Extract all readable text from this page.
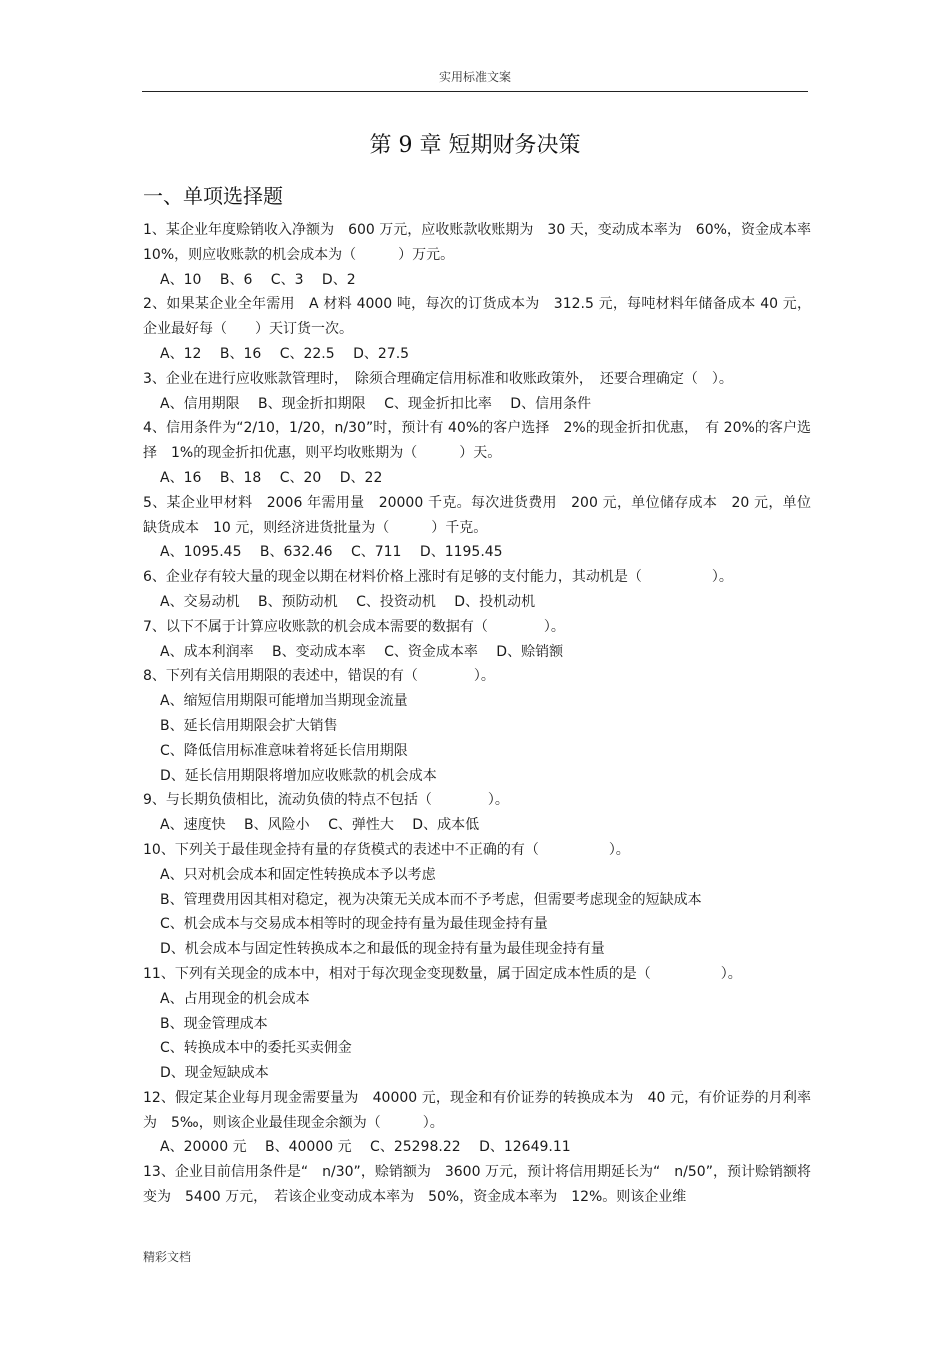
实用标准文案
第 9 章 短期财务决策
一、单项选择题
1、某企业年度赊销收入净额为　600 万元，应收账款收账期为　30 天，变动成本率为　60%，资金成本率　10%，则应收账款的机会成本为（　　　）万元。
A、10　 B、6　 C、3　 D、2
2、如果某企业全年需用　A 材料 4000 吨，每次的订货成本为　312.5 元，每吨材料年储备成本 40 元，企业最好每（　　）天订货一次。
A、12　 B、16　 C、22.5　 D、27.5
3、企业在进行应收账款管理时，　除须合理确定信用标准和收账政策外，　还要合理确定（　）。
A、信用期限　 B、现金折扣期限　 C、现金折扣比率　 D、信用条件
4、信用条件为“2/10，1/20，n/30”时，预计有 40%的客户选择　2%的现金折扣优惠，　有 20%的客户选择　1%的现金折扣优惠，则平均收账期为（　　　）天。
A、16　 B、18　 C、20　 D、22
5、某企业甲材料　2006 年需用量　20000 千克。每次进货费用　200 元，单位储存成本　20 元，单位缺货成本　10 元，则经济进货批量为（　　　）千克。
A、1095.45　 B、632.46　 C、711　 D、1195.45
6、企业存有较大量的现金以期在材料价格上涨时有足够的支付能力，其动机是（　　　　　）。
A、交易动机　 B、预防动机　 C、投资动机　 D、投机动机
7、以下不属于计算应收账款的机会成本需要的数据有（　　　　）。
A、成本利润率　 B、变动成本率　 C、资金成本率　 D、赊销额
8、下列有关信用期限的表述中，错误的有（　　　　）。
A、缩短信用期限可能增加当期现金流量
B、延长信用期限会扩大销售
C、降低信用标准意味着将延长信用期限
D、延长信用期限将增加应收账款的机会成本
9、与长期负债相比，流动负债的特点不包括（　　　　）。
A、速度快　 B、风险小　 C、弹性大　 D、成本低
10、下列关于最佳现金持有量的存货模式的表述中不正确的有（　　　　　）。
A、只对机会成本和固定性转换成本予以考虑
B、管理费用因其相对稳定，视为决策无关成本而不予考虑，但需要考虑现金的短缺成本
C、机会成本与交易成本相等时的现金持有量为最佳现金持有量
D、机会成本与固定性转换成本之和最低的现金持有量为最佳现金持有量
11、下列有关现金的成本中，相对于每次现金变现数量，属于固定成本性质的是（　　　　　）。
A、占用现金的机会成本
B、现金管理成本
C、转换成本中的委托买卖佣金
D、现金短缺成本
12、假定某企业每月现金需要量为　40000 元，现金和有价证券的转换成本为　40 元，有价证券的月利率为　5‰，则该企业最佳现金余额为（　　　）。
A、20000 元　 B、40000 元　 C、25298.22　 D、12649.11
13、企业目前信用条件是“　n/30”，赊销额为　3600 万元，预计将信用期延长为“　n/50”，预计赊销额将变为　5400 万元，　若该企业变动成本率为　50%，资金成本率为　12%。则该企业维
精彩文档
